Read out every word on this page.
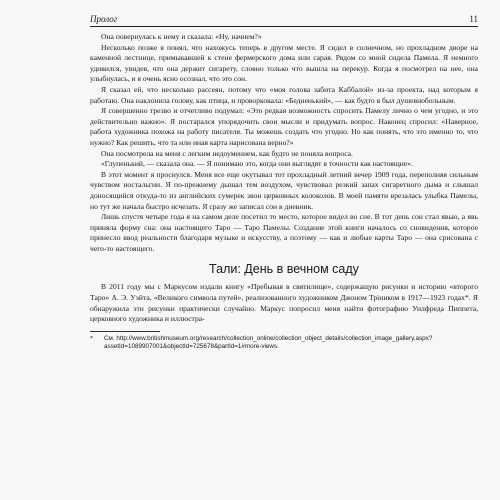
Пролог	11

Она повернулась к нему и сказала: «Ну, начнем?»

Несколько позже я понял, что нахожусь теперь в другом месте. Я сидел в солнечном, но прохладном дворе на каменной лестнице, примыкавшей к стене фермерского дома или сарая. Рядом со мной сидела Памела. Я немного удивился, увидев, что она держит сигарету, словно только что вышла на перекур. Когда я посмотрел на нее, она улыбнулась, и я очень ясно осознал, что это сон.

Я сказал ей, что несколько рассеян, потому что «моя голова забита Каббалой» из-за проекта, над которым я работаю. Она наклонила голову, как птица, и проворковала: «Бедненький», — как будто я был душевнобольным.

Я совершенно трезво и отчетливо подумал: «Это редкая возможность спросить Памелу лично о чем угодно, и это действительно важно». Я постарался упорядочить свои мысли и придумать вопрос. Наконец спросил: «Наверное, работа художника похожа на работу писателя. Ты можешь создать что угодно. Но как понять, что это именно то, что нужно? Как решить, что та или иная карта нарисована верно?»

Она посмотрела на меня с легким недоумением, как будто не поняла вопроса.

«Глупенький, — сказала она. — Я понимаю это, когда они выглядят в точности как настоящие».

В этот момент я проснулся. Меня все еще окутывал тот прохладный летний вечер 1909 года, переполняя сильным чувством ностальгии. Я по-прежнему дышал тем воздухом, чувствовал резкий запах сигаретного дыма и слышал доносящийся откуда-то из английских сумерек звон церковных колоколов. В моей памяти врезалась улыбка Памелы, но тут же начала быстро исчезать. Я сразу же записал сон в дневник.

Лишь спустя четыре года я на самом деле посетил то место, которое видел во сне. В тот день сон стал явью, а явь приняла форму сна: она настоящего Таро — Таро Памелы. Создание этой книги началось со сновидения, которое принесло ввод реальности благодаря музыке и искусству, а поэтому — как и любые карты Таро — она срисована с чего-то настоящего.

Тали: День в вечном саду

В 2011 году мы с Маркусом издали книгу «Пребывая в святилище», содержащую рисунки и историю «второго Таро» А. Э. Уэйта, «Великого символа путей», реализованного художником Джоном Трiником в 1917—1923 годах*. Я обнаружила эти рисунки практически случайно. Маркус попросил меня найти фотографию Уилфреда Пиппета, церковного художника и иллюстра-

*	См. http://www.britishmuseum.org/research/collection_online/collection_object_details/collection_image_gallery.aspx?assetId=1089907001&objectId=725678&partId=1#more-views.
